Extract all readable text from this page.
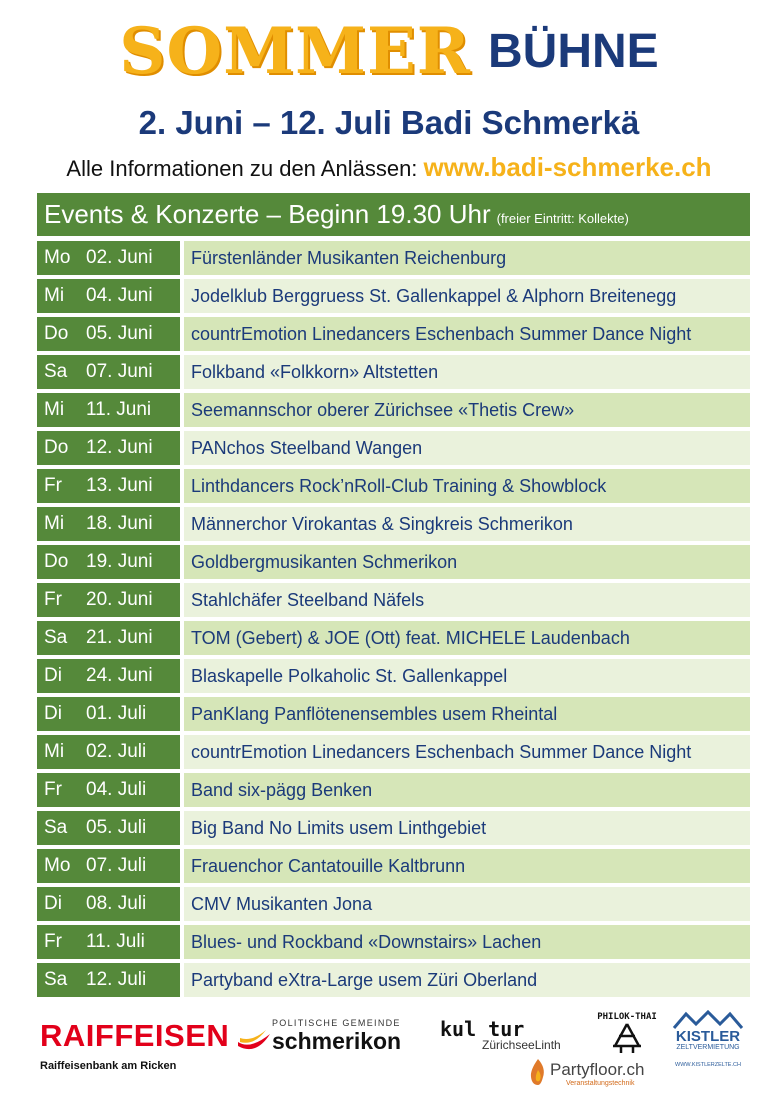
SOMMER BÜHNE
2. Juni – 12. Juli Badi Schmerkä
Alle Informationen zu den Anlässen: www.badi-schmerke.ch
Events & Konzerte – Beginn 19.30 Uhr (freier Eintritt: Kollekte)
Mo 02. Juni	Fürstenländer Musikanten Reichenburg
Mi 04. Juni	Jodelklub Berggruess St. Gallenkappel & Alphorn Breitenegg
Do 05. Juni	countrEmotion Linedancers Eschenbach Summer Dance Night
Sa 07. Juni	Folkband «Folkkorn» Altstetten
Mi 11. Juni	Seemannschor oberer Zürichsee «Thetis Crew»
Do 12. Juni	PANchos Steelband Wangen
Fr 13. Juni	Linthdancers Rock’nRoll-Club Training & Showblock
Mi 18. Juni	Männerchor Virokantas & Singkreis Schmerikon
Do 19. Juni	Goldbergmusikanten Schmerikon
Fr 20. Juni	Stahlchäfer Steelband Näfels
Sa 21. Juni	TOM (Gebert) & JOE (Ott) feat. MICHELE Laudenbach
Di 24. Juni	Blaskapelle Polkaholic St. Gallenkappel
Di 01. Juli	PanKlang Panflötenensembles usem Rheintal
Mi 02. Juli	countrEmotion Linedancers Eschenbach Summer Dance Night
Fr 04. Juli	Band six-pägg Benken
Sa 05. Juli	Big Band No Limits usem Linthgebiet
Mo 07. Juli	Frauenchor Cantatouille Kaltbrunn
Di 08. Juli	CMV Musikanten Jona
Fr 11. Juli	Blues- und Rockband «Downstairs» Lachen
Sa 12. Juli	Partyband eXtra-Large usem Züri Oberland
RAIFFEISEN
Raiffeisenbank am Ricken
POLITISCHE GEMEINDE
schmerikon kul tur
ZürichseeLinth
Partyfloor.ch
Veranstaltungstechnik
PHILOK-THAI
KISTLER
ZELTVERMIETUNG
WWW.KISTLERZELTE.CH
